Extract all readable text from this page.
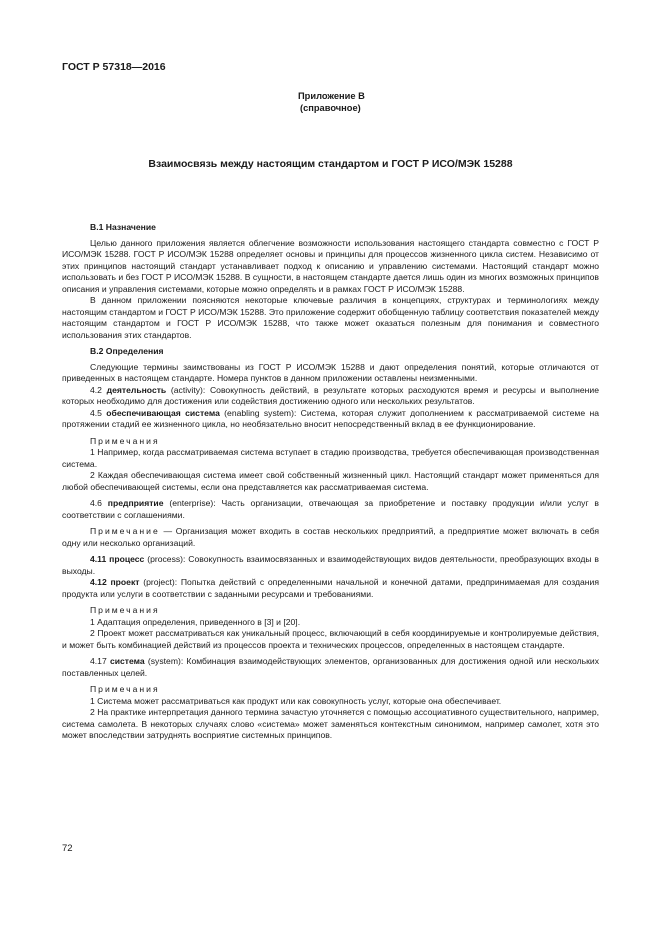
ГОСТ Р 57318—2016
Приложение В
(справочное)
Взаимосвязь между настоящим стандартом и ГОСТ Р ИСО/МЭК 15288

В.1 Назначение

Целью данного приложения является облегчение возможности использования настоящего стандарта совместно с ГОСТ Р ИСО/МЭК 15288. ГОСТ Р ИСО/МЭК 15288 определяет основы и принципы для процессов жизненного цикла систем. Независимо от этих принципов настоящий стандарт устанавливает подход к описанию и управлению системами. Настоящий стандарт можно использовать и без ГОСТ Р ИСО/МЭК 15288. В сущности, в настоящем стандарте дается лишь один из многих возможных принципов описания и управления системами, которые можно определять и в рамках ГОСТ Р ИСО/МЭК 15288.

В данном приложении поясняются некоторые ключевые различия в концепциях, структурах и терминологиях между настоящим стандартом и ГОСТ Р ИСО/МЭК 15288. Это приложение содержит обобщенную таблицу соответствия показателей между настоящим стандартом и ГОСТ Р ИСО/МЭК 15288, что также может оказаться полезным для понимания и совместного использования этих стандартов.

В.2 Определения

Следующие термины заимствованы из ГОСТ Р ИСО/МЭК 15288 и дают определения понятий, которые отличаются от приведенных в настоящем стандарте. Номера пунктов в данном приложении оставлены неизменными.

4.2 деятельность (activity): Совокупность действий, в результате которых расходуются время и ресурсы и выполнение которых необходимо для достижения или содействия достижению одного или нескольких результатов.

4.5 обеспечивающая система (enabling system): Система, которая служит дополнением к рассматриваемой системе на протяжении стадий ее жизненного цикла, но необязательно вносит непосредственный вклад в ее функционирование.

Примечания

1 Например, когда рассматриваемая система вступает в стадию производства, требуется обеспечивающая производственная система.

2 Каждая обеспечивающая система имеет свой собственный жизненный цикл. Настоящий стандарт может применяться для любой обеспечивающей системы, если она представляется как рассматриваемая система.

4.6 предприятие (enterprise): Часть организации, отвечающая за приобретение и поставку продукции и/или услуг в соответствии с соглашениями.

Примечание — Организация может входить в состав нескольких предприятий, а предприятие может включать в себя одну или несколько организаций.

4.11 процесс (process): Совокупность взаимосвязанных и взаимодействующих видов деятельности, преобразующих входы в выходы.

4.12 проект (project): Попытка действий с определенными начальной и конечной датами, предпринимаемая для создания продукта или услуги в соответствии с заданными ресурсами и требованиями.

Примечания

1 Адаптация определения, приведенного в [3] и [20].

2 Проект может рассматриваться как уникальный процесс, включающий в себя координируемые и контролируемые действия, и может быть комбинацией действий из процессов проекта и технических процессов, определенных в настоящем стандарте.

4.17 система (system): Комбинация взаимодействующих элементов, организованных для достижения одной или нескольких поставленных целей.

Примечания

1 Система может рассматриваться как продукт или как совокупность услуг, которые она обеспечивает.

2 На практике интерпретация данного термина зачастую уточняется с помощью ассоциативного существительного, например, система самолета. В некоторых случаях слово «система» может заменяться контекстным синонимом, например самолет, хотя это может впоследствии затруднять восприятие системных принципов.

72
